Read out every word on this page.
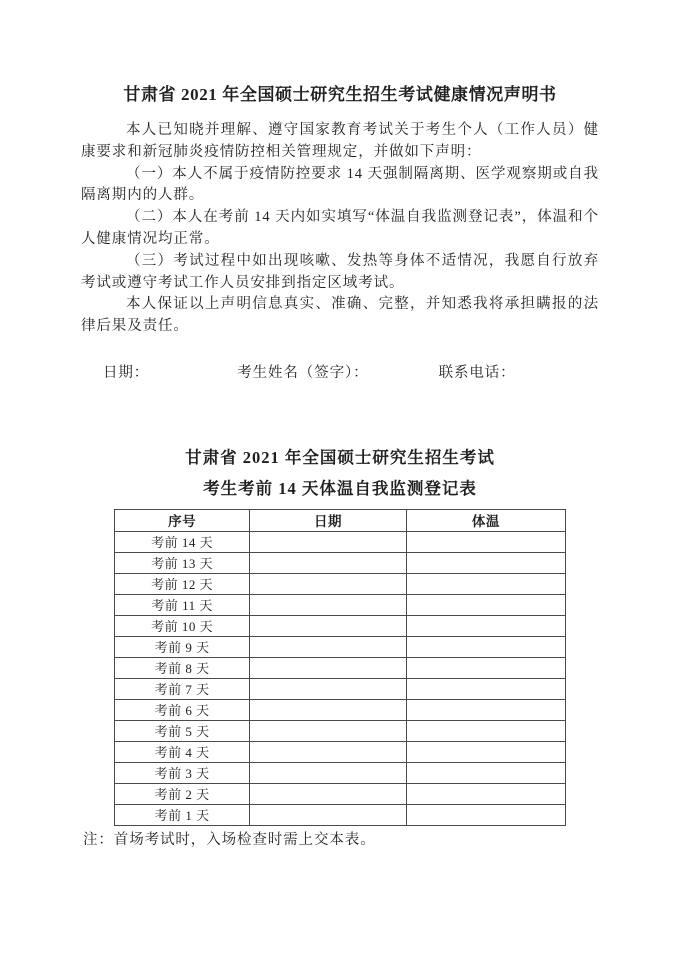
甘肃省 2021 年全国硕士研究生招生考试健康情况声明书

本人已知晓并理解、遵守国家教育考试关于考生个人（工作人员）健康要求和新冠肺炎疫情防控相关管理规定，并做如下声明：

（一）本人不属于疫情防控要求 14 天强制隔离期、医学观察期或自我隔离期内的人群。

（二）本人在考前 14 天内如实填写“体温自我监测登记表”，体温和个人健康情况均正常。

（三）考试过程中如出现咳嗽、发热等身体不适情况，我愿自行放弃考试或遵守考试工作人员安排到指定区域考试。

本人保证以上声明信息真实、准确、完整，并知悉我将承担瞒报的法律后果及责任。

日期：	考生姓名（签字）：	联系电话：
甘肃省 2021 年全国硕士研究生招生考试
考生考前 14 天体温自我监测登记表
序号	日期	体温
考前 14 天		
考前 13 天		
考前 12 天		
考前 11 天		
考前 10 天		
考前 9 天		
考前 8 天		
考前 7 天		
考前 6 天		
考前 5 天		
考前 4 天		
考前 3 天		
考前 2 天		
考前 1 天		

注：首场考试时，入场检查时需上交本表。
